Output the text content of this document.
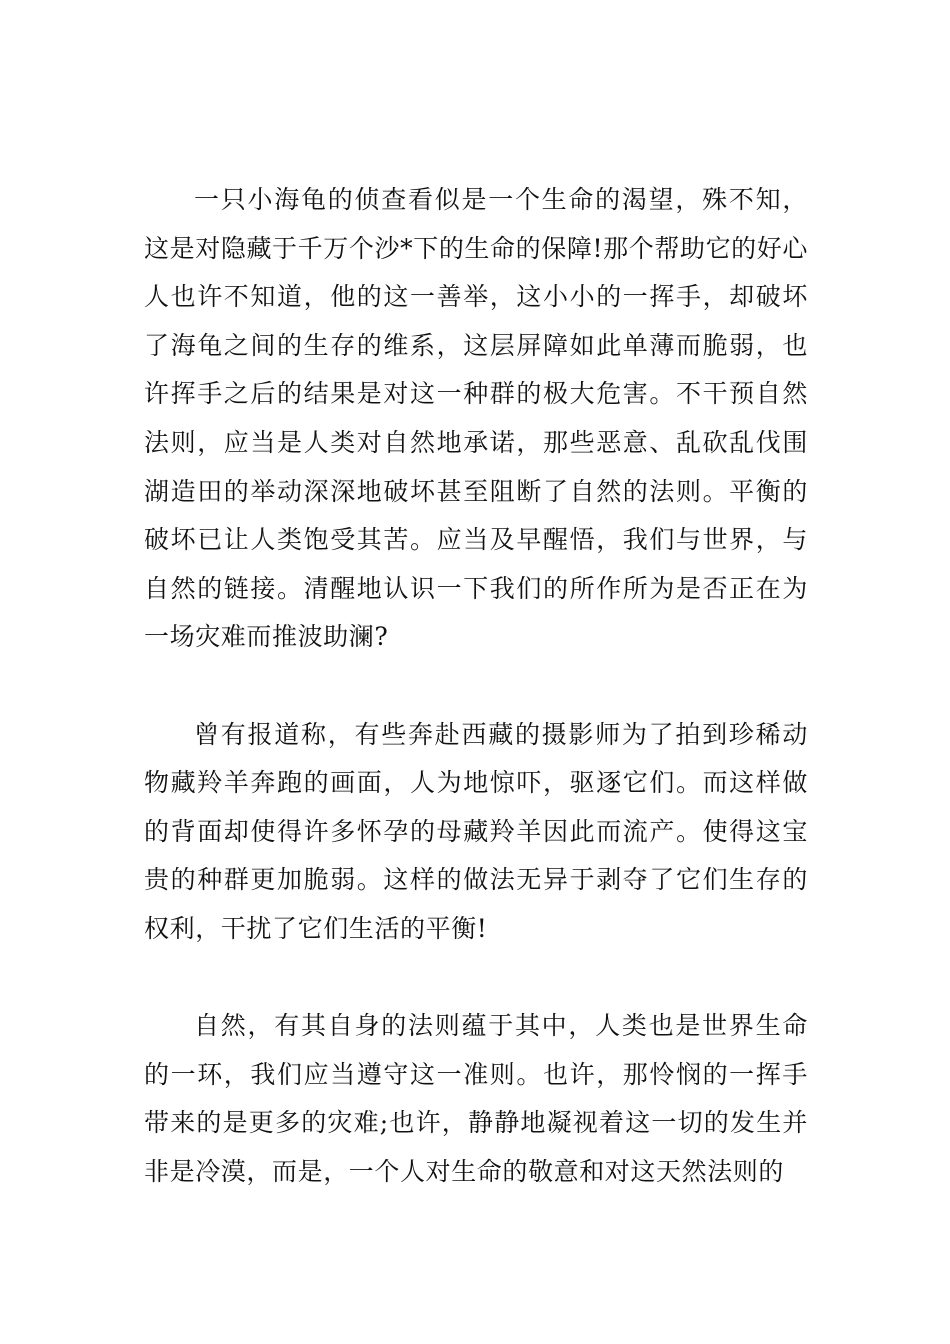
一只小海龟的侦查看似是一个生命的渴望，殊不知，这是对隐藏于千万个沙*下的生命的保障!那个帮助它的好心人也许不知道，他的这一善举，这小小的一挥手，却破坏了海龟之间的生存的维系，这层屏障如此单薄而脆弱，也许挥手之后的结果是对这一种群的极大危害。不干预自然法则，应当是人类对自然地承诺，那些恶意、乱砍乱伐围湖造田的举动深深地破坏甚至阻断了自然的法则。平衡的破坏已让人类饱受其苦。应当及早醒悟，我们与世界，与自然的链接。清醒地认识一下我们的所作所为是否正在为一场灾难而推波助澜?

曾有报道称，有些奔赴西藏的摄影师为了拍到珍稀动物藏羚羊奔跑的画面，人为地惊吓，驱逐它们。而这样做的背面却使得许多怀孕的母藏羚羊因此而流产。使得这宝贵的种群更加脆弱。这样的做法无异于剥夺了它们生存的权利，干扰了它们生活的平衡!

自然，有其自身的法则蕴于其中，人类也是世界生命的一环，我们应当遵守这一准则。也许，那怜悯的一挥手带来的是更多的灾难;也许，静静地凝视着这一切的发生并非是冷漠，而是，一个人对生命的敬意和对这天然法则的
